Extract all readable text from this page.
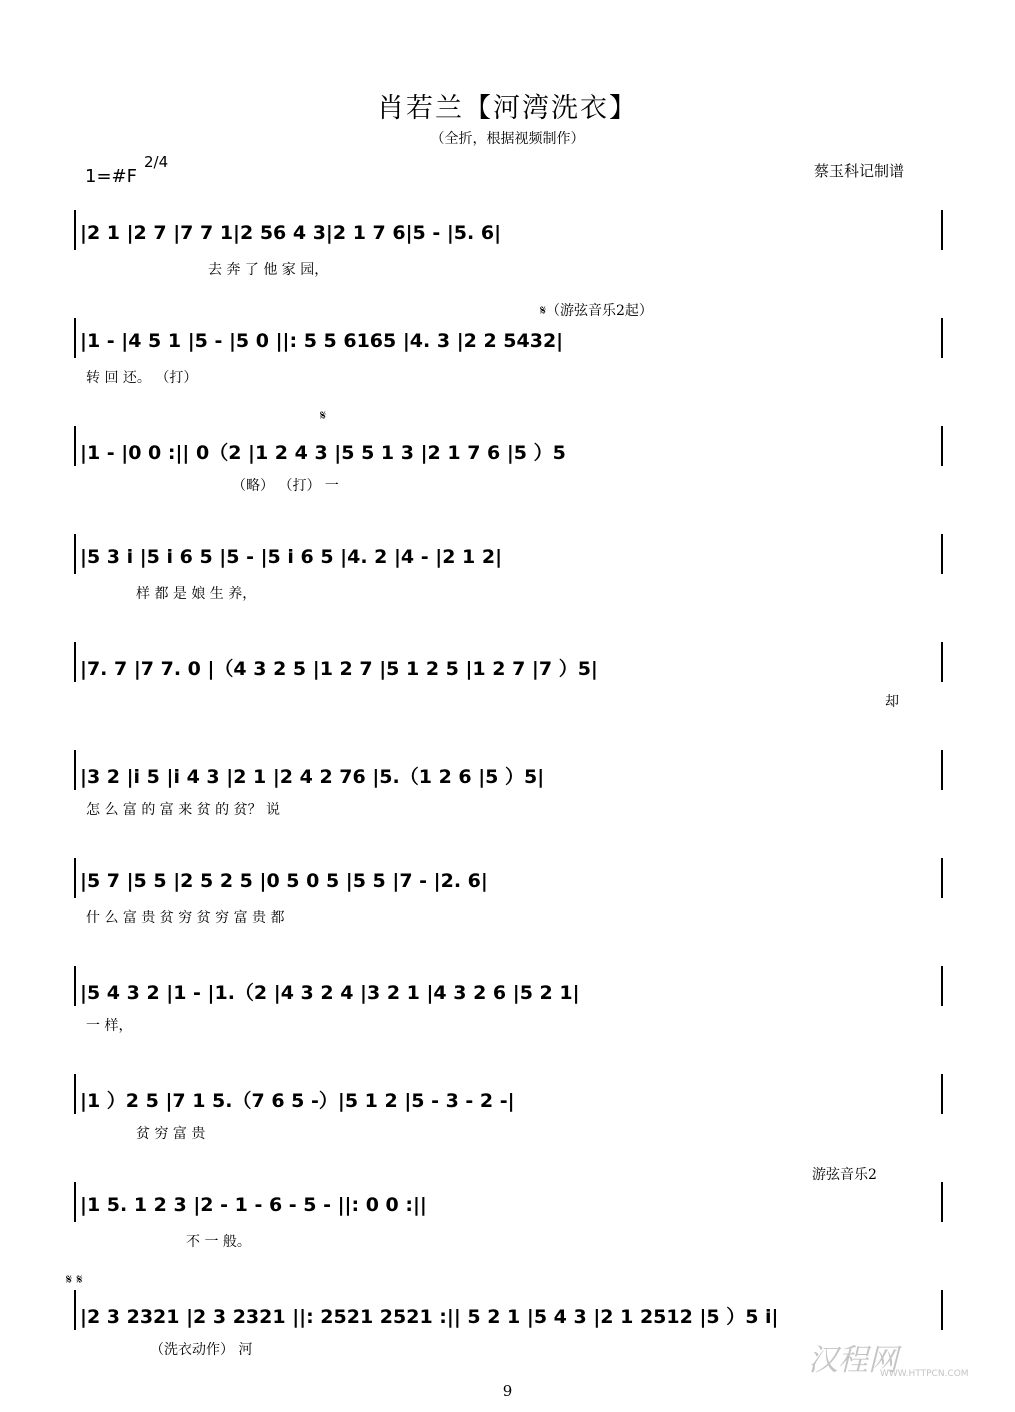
肖若兰【河湾洗衣】
（全折，根据视频制作）
1=#F
2/4	蔡玉科记制谱
|2 1 |2 7 |7 7 1|2 56 4 3|2 1 7 6|5 - |5. 6|
去 奔 了 他 家 园，
𝄋（游弦音乐2起）
|1 - |4 5 1 |5 - |5 0 ||: 5 5 6165 |4. 3 |2 2 5432|
转 回 还。 （打）
𝄋
|1 - |0 0 :|| 0（2 |1 2 4 3 |5 5 1 3 |2 1 7 6 |5 ）5
（略） （打） 一
|5 3 i |5 i 6 5 |5 - |5 i 6 5 |4. 2 |4 - |2 1 2|
样 都 是 娘 生 养，
|7. 7 |7 7. 0 |（4 3 2 5 |1 2 7 |5 1 2 5 |1 2 7 |7 ）5|
却
|3 2 |i 5 |i 4 3 |2 1 |2 4 2 76 |5.（1 2 6 |5 ）5|
怎 么 富 的 富 来 贫 的 贫？ 说
|5 7 |5 5 |2 5 2 5 |0 5 0 5 |5 5 |7 - |2. 6|
什 么 富 贵 贫 穷 贫 穷 富 贵 都
|5 4 3 2 |1 - |1.（2 |4 3 2 4 |3 2 1 |4 3 2 6 |5 2 1|
一 样，
|1 ）2 5 |7 1 5.（7 6 5 -）|5 1 2 |5 - 3 - 2 -|
贫 穷 富 贵
游弦音乐2
|1 5. 1 2 3 |2 - 1 - 6 - 5 - ||: 0 0 :||
不 一 般。
𝄋 𝄋
|2 3 2321 |2 3 2321 ||: 2521 2521 :|| 5 2 1 |5 4 3 |2 1 2512 |5 ）5 i|
（洗衣动作） 河
9
汉程网
WWW.HTTPCN.COM
